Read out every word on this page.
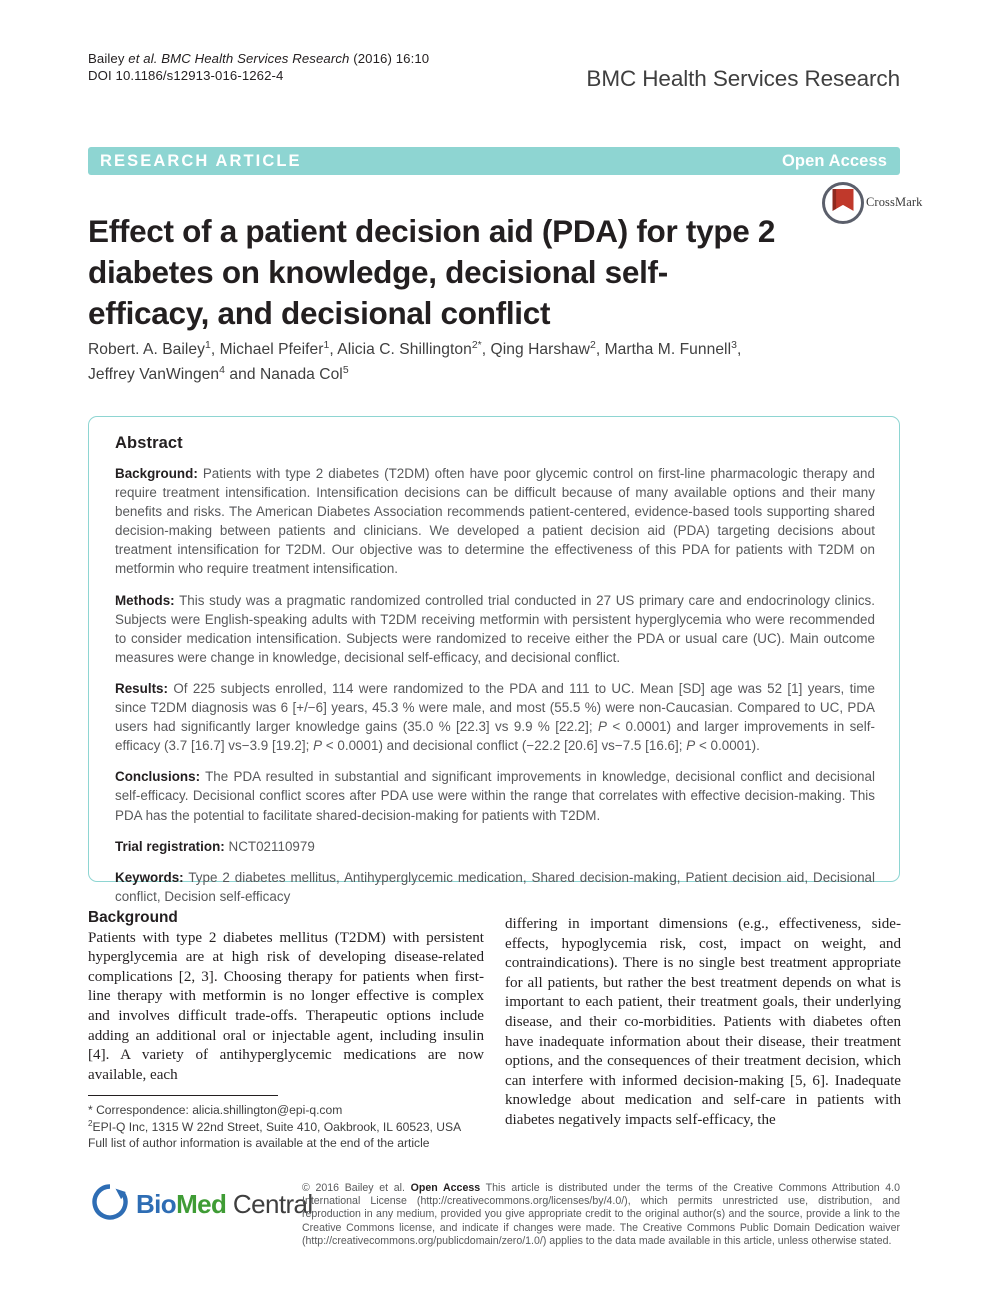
Bailey et al. BMC Health Services Research (2016) 16:10
DOI 10.1186/s12913-016-1262-4	BMC Health Services Research
RESEARCH ARTICLE	Open Access
CrossMark
Effect of a patient decision aid (PDA) for type 2 diabetes on knowledge, decisional self-efficacy, and decisional conflict
Robert. A. Bailey$^1$, Michael Pfeifer$^1$, Alicia C. Shillington$^{2*}$, Qing Harshaw$^2$, Martha M. Funnell$^3$,
Jeffrey VanWingen$^4$ and Nanada Col$^5$
Abstract

Background: Patients with type 2 diabetes (T2DM) often have poor glycemic control on first-line pharmacologic therapy and require treatment intensification. Intensification decisions can be difficult because of many available options and their many benefits and risks. The American Diabetes Association recommends patient-centered, evidence-based tools supporting shared decision-making between patients and clinicians. We developed a patient decision aid (PDA) targeting decisions about treatment intensification for T2DM. Our objective was to determine the effectiveness of this PDA for patients with T2DM on metformin who require treatment intensification.

Methods: This study was a pragmatic randomized controlled trial conducted in 27 US primary care and endocrinology clinics. Subjects were English-speaking adults with T2DM receiving metformin with persistent hyperglycemia who were recommended to consider medication intensification. Subjects were randomized to receive either the PDA or usual care (UC). Main outcome measures were change in knowledge, decisional self-efficacy, and decisional conflict.

Results: Of 225 subjects enrolled, 114 were randomized to the PDA and 111 to UC. Mean [SD] age was 52 [1] years, time since T2DM diagnosis was 6 [+/−6] years, 45.3 % were male, and most (55.5 %) were non-Caucasian. Compared to UC, PDA users had significantly larger knowledge gains (35.0 % [22.3] vs 9.9 % [22.2]; P < 0.0001) and larger improvements in self-efficacy (3.7 [16.7] vs−3.9 [19.2]; P < 0.0001) and decisional conflict (−22.2 [20.6] vs−7.5 [16.6]; P < 0.0001).

Conclusions: The PDA resulted in substantial and significant improvements in knowledge, decisional conflict and decisional self-efficacy. Decisional conflict scores after PDA use were within the range that correlates with effective decision-making. This PDA has the potential to facilitate shared-decision-making for patients with T2DM.

Trial registration: NCT02110979

Keywords: Type 2 diabetes mellitus, Antihyperglycemic medication, Shared decision-making, Patient decision aid, Decisional conflict, Decision self-efficacy

Background

Patients with type 2 diabetes mellitus (T2DM) with persistent hyperglycemia are at high risk of developing disease-related complications [2, 3]. Choosing therapy for patients when first-line therapy with metformin is no longer effective is complex and involves difficult trade-offs. Therapeutic options include adding an additional oral or injectable agent, including insulin [4]. A variety of antihyperglycemic medications are now available, each

differing in important dimensions (e.g., effectiveness, side-effects, hypoglycemia risk, cost, impact on weight, and contraindications). There is no single best treatment appropriate for all patients, but rather the best treatment depends on what is important to each patient, their treatment goals, their underlying disease, and their co-morbidities. Patients with diabetes often have inadequate information about their disease, their treatment options, and the consequences of their treatment decision, which can interfere with informed decision-making [5, 6]. Inadequate knowledge about medication and self-care in patients with diabetes negatively impacts self-efficacy, the

* Correspondence: alicia.shillington@epi-q.com
$^2$EPI-Q Inc, 1315 W 22nd Street, Suite 410, Oakbrook, IL 60523, USA
Full list of author information is available at the end of the article
BioMed Central
© 2016 Bailey et al. Open Access This article is distributed under the terms of the Creative Commons Attribution 4.0 International License (http://creativecommons.org/licenses/by/4.0/), which permits unrestricted use, distribution, and reproduction in any medium, provided you give appropriate credit to the original author(s) and the source, provide a link to the Creative Commons license, and indicate if changes were made. The Creative Commons Public Domain Dedication waiver (http://creativecommons.org/publicdomain/zero/1.0/) applies to the data made available in this article, unless otherwise stated.
